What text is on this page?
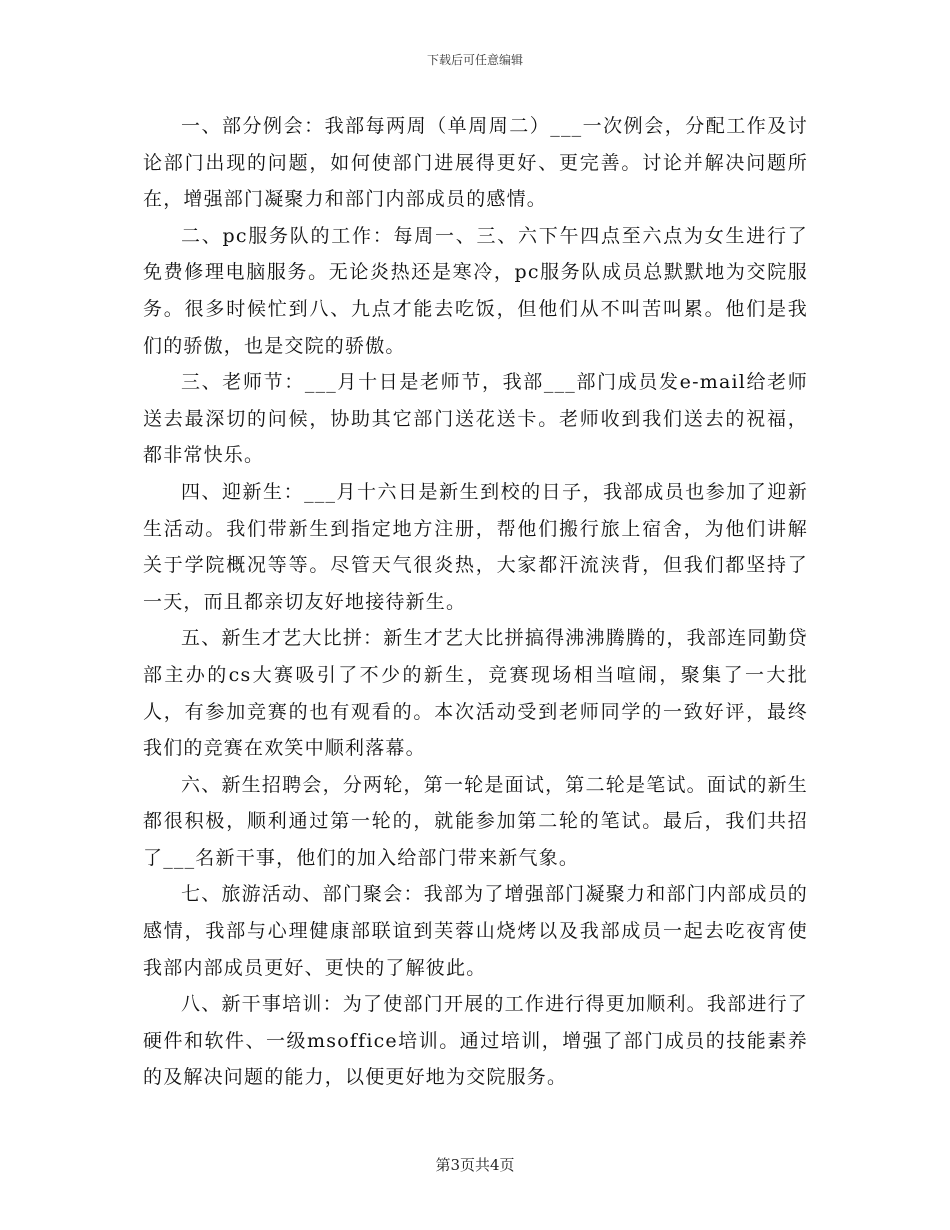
下载后可任意编辑

一、部分例会：我部每两周（单周周二）___一次例会，分配工作及讨论部门出现的问题，如何使部门进展得更好、更完善。讨论并解决问题所在，增强部门凝聚力和部门内部成员的感情。

二、pc服务队的工作：每周一、三、六下午四点至六点为女生进行了免费修理电脑服务。无论炎热还是寒冷，pc服务队成员总默默地为交院服务。很多时候忙到八、九点才能去吃饭，但他们从不叫苦叫累。他们是我们的骄傲，也是交院的骄傲。

三、老师节：___月十日是老师节，我部___部门成员发e-mail给老师送去最深切的问候，协助其它部门送花送卡。老师收到我们送去的祝福，都非常快乐。

四、迎新生：___月十六日是新生到校的日子，我部成员也参加了迎新生活动。我们带新生到指定地方注册，帮他们搬行旅上宿舍，为他们讲解关于学院概况等等。尽管天气很炎热，大家都汗流浃背，但我们都坚持了一天，而且都亲切友好地接待新生。

五、新生才艺大比拼：新生才艺大比拼搞得沸沸腾腾的，我部连同勤贷部主办的cs大赛吸引了不少的新生，竞赛现场相当喧闹，聚集了一大批人，有参加竞赛的也有观看的。本次活动受到老师同学的一致好评，最终我们的竞赛在欢笑中顺利落幕。

六、新生招聘会，分两轮，第一轮是面试，第二轮是笔试。面试的新生都很积极，顺利通过第一轮的，就能参加第二轮的笔试。最后，我们共招了___名新干事，他们的加入给部门带来新气象。

七、旅游活动、部门聚会：我部为了增强部门凝聚力和部门内部成员的感情，我部与心理健康部联谊到芙蓉山烧烤以及我部成员一起去吃夜宵使我部内部成员更好、更快的了解彼此。

八、新干事培训：为了使部门开展的工作进行得更加顺利。我部进行了硬件和软件、一级msoffice培训。通过培训，增强了部门成员的技能素养的及解决问题的能力，以便更好地为交院服务。

第3页共4页
